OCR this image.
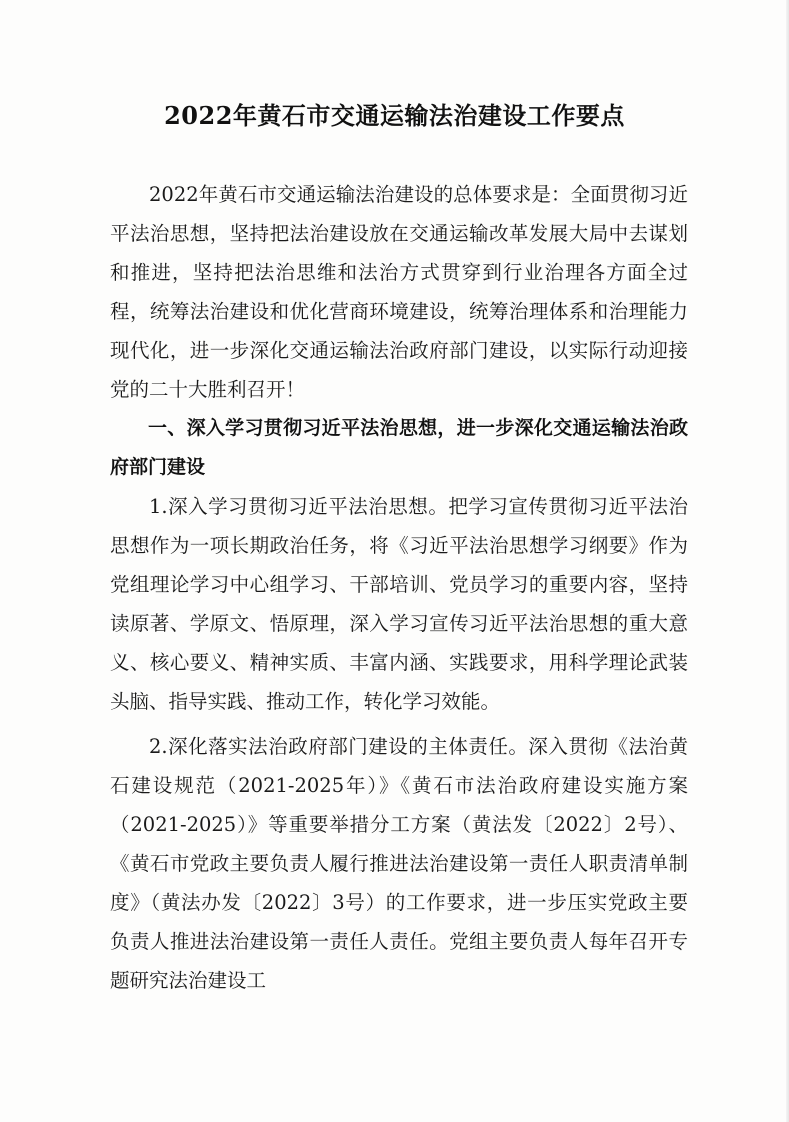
2022年黄石市交通运输法治建设工作要点

2022年黄石市交通运输法治建设的总体要求是：全面贯彻习近平法治思想，坚持把法治建设放在交通运输改革发展大局中去谋划和推进，坚持把法治思维和法治方式贯穿到行业治理各方面全过程，统筹法治建设和优化营商环境建设，统筹治理体系和治理能力现代化，进一步深化交通运输法治政府部门建设，以实际行动迎接党的二十大胜利召开！

一、深入学习贯彻习近平法治思想，进一步深化交通运输法治政府部门建设

1.深入学习贯彻习近平法治思想。把学习宣传贯彻习近平法治思想作为一项长期政治任务，将《习近平法治思想学习纲要》作为党组理论学习中心组学习、干部培训、党员学习的重要内容，坚持读原著、学原文、悟原理，深入学习宣传习近平法治思想的重大意义、核心要义、精神实质、丰富内涵、实践要求，用科学理论武装头脑、指导实践、推动工作，转化学习效能。

2.深化落实法治政府部门建设的主体责任。深入贯彻《法治黄石建设规范（2021-2025年）》《黄石市法治政府建设实施方案（2021-2025）》等重要举措分工方案（黄法发〔2022〕2号）、《黄石市党政主要负责人履行推进法治建设第一责任人职责清单制度》（黄法办发〔2022〕3号）的工作要求，进一步压实党政主要负责人推进法治建设第一责任人责任。党组主要负责人每年召开专题研究法治建设工
